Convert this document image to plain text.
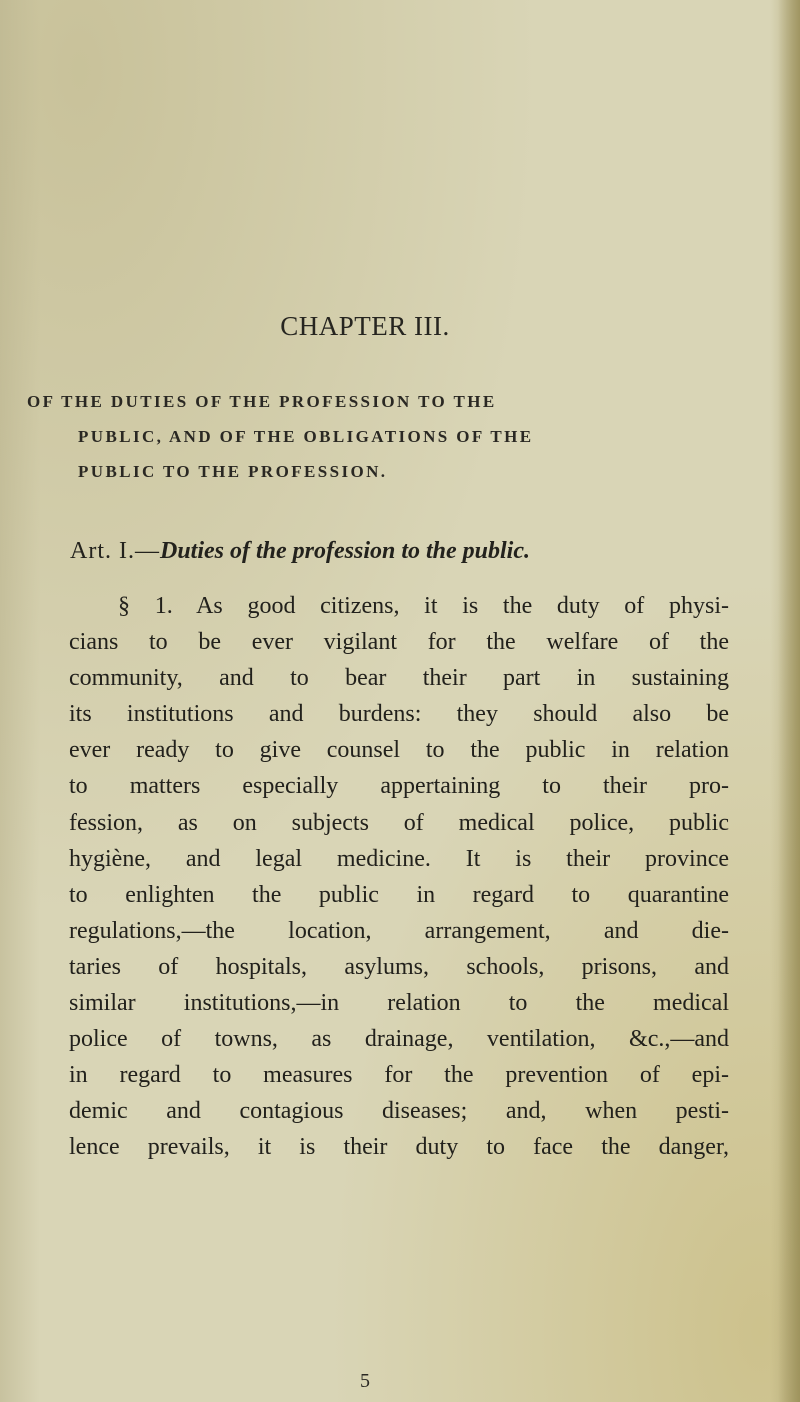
CHAPTER III.
OF THE DUTIES OF THE PROFESSION TO THE
PUBLIC, AND OF THE OBLIGATIONS OF THE
PUBLIC TO THE PROFESSION.
Art. I.—Duties of the profession to the public.
§ 1. As good citizens, it is the duty of physi-
cians to be ever vigilant for the welfare of the
community, and to bear their part in sustaining
its institutions and burdens: they should also be
ever ready to give counsel to the public in relation
to matters especially appertaining to their pro-
fession, as on subjects of medical police, public
hygiène, and legal medicine. It is their province
to enlighten the public in regard to quarantine
regulations,—the location, arrangement, and die-
taries of hospitals, asylums, schools, prisons, and
similar institutions,—in relation to the medical
police of towns, as drainage, ventilation, &c.,—and
in regard to measures for the prevention of epi-
demic and contagious diseases; and, when pesti-
lence prevails, it is their duty to face the danger,
5
